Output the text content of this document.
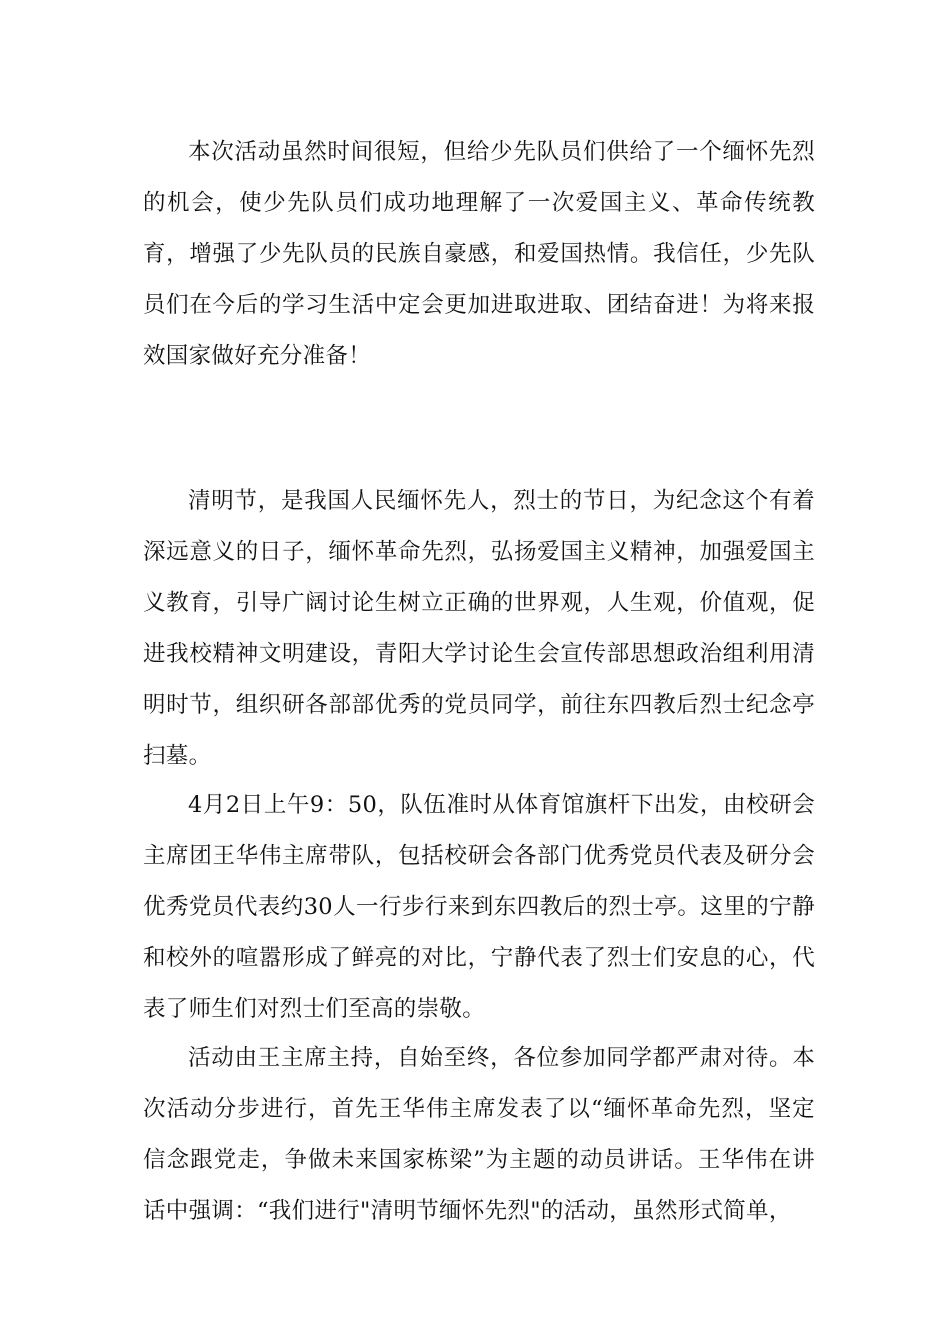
本次活动虽然时间很短，但给少先队员们供给了一个缅怀先烈的机会，使少先队员们成功地理解了一次爱国主义、革命传统教育，增强了少先队员的民族自豪感，和爱国热情。我信任，少先队员们在今后的学习生活中定会更加进取进取、团结奋进！为将来报效国家做好充分准备！

清明节，是我国人民缅怀先人，烈士的节日，为纪念这个有着深远意义的日子，缅怀革命先烈，弘扬爱国主义精神，加强爱国主义教育，引导广阔讨论生树立正确的世界观，人生观，价值观，促进我校精神文明建设，青阳大学讨论生会宣传部思想政治组利用清明时节，组织研各部部优秀的党员同学，前往东四教后烈士纪念亭扫墓。

4月2日上午9：50，队伍准时从体育馆旗杆下出发，由校研会主席团王华伟主席带队，包括校研会各部门优秀党员代表及研分会优秀党员代表约30人一行步行来到东四教后的烈士亭。这里的宁静和校外的喧嚣形成了鲜亮的对比，宁静代表了烈士们安息的心，代表了师生们对烈士们至高的崇敬。

活动由王主席主持，自始至终，各位参加同学都严肃对待。本次活动分步进行，首先王华伟主席发表了以“缅怀革命先烈，坚定信念跟党走，争做未来国家栋梁”为主题的动员讲话。王华伟在讲话中强调：“我们进行"清明节缅怀先烈"的活动，虽然形式简单，
